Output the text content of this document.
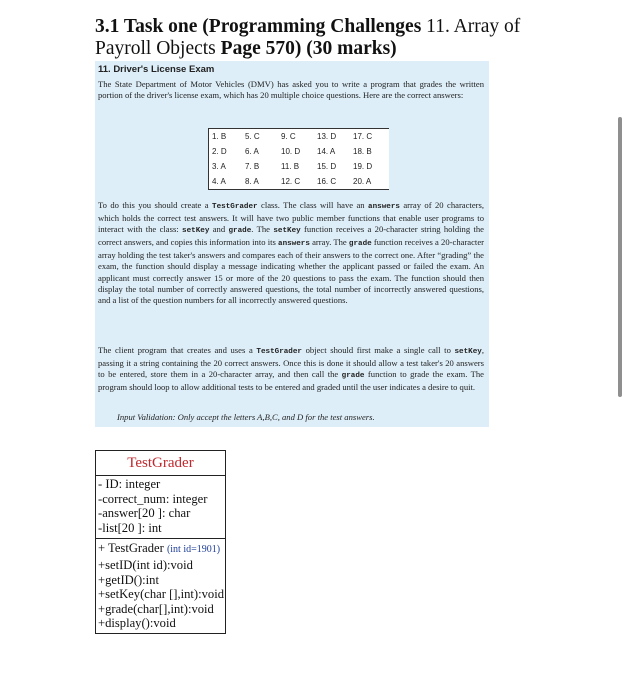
3.1 Task one (Programming Challenges 11. Array of Payroll Objects Page 570) (30 marks)
11. Driver's License Exam
The State Department of Motor Vehicles (DMV) has asked you to write a program that grades the written portion of the driver's license exam, which has 20 multiple choice questions. Here are the correct answers:
1. B	5. C	9. C	13. D	17. C
2. D	6. A	10. D	14. A	18. B
3. A	7. B	11. B	15. D	19. D
4. A	8. A	12. C	16. C	20. A
To do this you should create a TestGrader class. The class will have an answers array of 20 characters, which holds the correct test answers. It will have two public member functions that enable user programs to interact with the class: setKey and grade. The setKey function receives a 20-character string holding the correct answers, and copies this information into its answers array. The grade function receives a 20-character array holding the test taker's answers and compares each of their answers to the correct one. After “grading” the exam, the function should display a message indicating whether the applicant passed or failed the exam. An applicant must correctly answer 15 or more of the 20 questions to pass the exam. The function should then display the total number of correctly answered questions, the total number of incorrectly answered questions, and a list of the question numbers for all incorrectly answered questions.
The client program that creates and uses a TestGrader object should first make a single call to setKey, passing it a string containing the 20 correct answers. Once this is done it should allow a test taker's 20 answers to be entered, store them in a 20-character array, and then call the grade function to grade the exam. The program should loop to allow additional tests to be entered and graded until the user indicates a desire to quit.
Input Validation: Only accept the letters A,B,C, and D for the test answers.
TestGrader
- ID: integer
-correct_num: integer
-answer[20 ]: char
-list[20 ]: int
+ TestGrader (int id=1901)
+setID(int id):void
+getID():int
+setKey(char [],int):void
+grade(char[],int):void
+display():void
